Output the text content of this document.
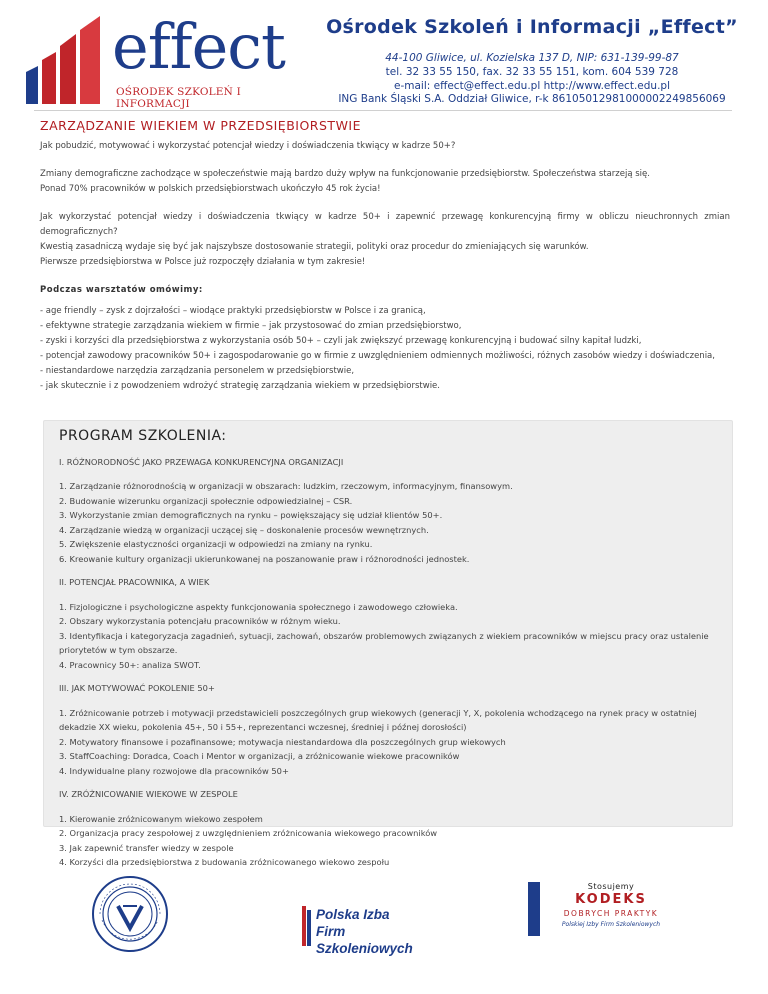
effect
OŚRODEK SZKOLEŃ I INFORMACJI
Ośrodek Szkoleń i Informacji „Effect”
44-100 Gliwice, ul. Kozielska 137 D, NIP: 631-139-99-87
tel. 32 33 55 150, fax. 32 33 55 151, kom. 604 539 728
e-mail: effect@effect.edu.pl http://www.effect.edu.pl
ING Bank Śląski S.A. Oddział Gliwice, r-k 86105012981000002249856069
ZARZĄDZANIE WIEKIEM W PRZEDSIĘBIORSTWIE

Jak pobudzić, motywować i wykorzystać potencjał wiedzy i doświadczenia tkwiący w kadrze 50+?

Zmiany demograficzne zachodzące w społeczeństwie mają bardzo duży wpływ na funkcjonowanie przedsiębiorstw. Społeczeństwa starzeją się.
Ponad 70% pracowników w polskich przedsiębiorstwach ukończyło 45 rok życia!

Jak wykorzystać potencjał wiedzy i doświadczenia tkwiący w kadrze 50+ i zapewnić przewagę konkurencyjną firmy w obliczu nieuchronnych zmian demograficznych?
Kwestią zasadniczą wydaje się być jak najszybsze dostosowanie strategii, polityki oraz procedur do zmieniających się warunków.
Pierwsze przedsiębiorstwa w Polsce już rozpoczęły działania w tym zakresie!

Podczas warsztatów omówimy:

- age friendly – zysk z dojrzałości – wiodące praktyki przedsiębiorstw w Polsce i za granicą,
- efektywne strategie zarządzania wiekiem w firmie – jak przystosować do zmian przedsiębiorstwo,
- zyski i korzyści dla przedsiębiorstwa z wykorzystania osób 50+ – czyli jak zwiększyć przewagę konkurencyjną i budować silny kapitał ludzki,
- potencjał zawodowy pracowników 50+ i zagospodarowanie go w firmie z uwzględnieniem odmiennych możliwości, różnych zasobów wiedzy i doświadczenia,
- niestandardowe narzędzia zarządzania personelem w przedsiębiorstwie,
- jak skutecznie i z powodzeniem wdrożyć strategię zarządzania wiekiem w przedsiębiorstwie.
PROGRAM SZKOLENIA:
I. RÓŻNORODNOŚĆ JAKO PRZEWAGA KONKURENCYJNA ORGANIZACJI
1. Zarządzanie różnorodnością w organizacji w obszarach: ludzkim, rzeczowym, informacyjnym, finansowym.
2. Budowanie wizerunku organizacji społecznie odpowiedzialnej – CSR.
3. Wykorzystanie zmian demograficznych na rynku – powiększający się udział klientów 50+.
4. Zarządzanie wiedzą w organizacji uczącej się – doskonalenie procesów wewnętrznych.
5. Zwiększenie elastyczności organizacji w odpowiedzi na zmiany na rynku.
6. Kreowanie kultury organizacji ukierunkowanej na poszanowanie praw i różnorodności jednostek.
II. POTENCJAŁ PRACOWNIKA, A WIEK
1. Fizjologiczne i psychologiczne aspekty funkcjonowania społecznego i zawodowego człowieka.
2. Obszary wykorzystania potencjału pracowników w różnym wieku.
3. Identyfikacja i kategoryzacja zagadnień, sytuacji, zachowań, obszarów problemowych związanych z wiekiem pracowników w miejscu pracy oraz ustalenie priorytetów w tym obszarze.
4. Pracownicy 50+: analiza SWOT.
III. JAK MOTYWOWAĆ POKOLENIE 50+
1. Zróżnicowanie potrzeb i motywacji przedstawicieli poszczególnych grup wiekowych (generacji Y, X, pokolenia wchodzącego na rynek pracy w ostatniej dekadzie XX wieku, pokolenia 45+, 50 i 55+, reprezentanci wczesnej, średniej i późnej dorosłości)
2. Motywatory finansowe i pozafinansowe; motywacja niestandardowa dla poszczególnych grup wiekowych
3. StaffCoaching: Doradca, Coach i Mentor w organizacji, a zróżnicowanie wiekowe pracowników
4. Indywidualne plany rozwojowe dla pracowników 50+
IV. ZRÓŻNICOWANIE WIEKOWE W ZESPOLE
1. Kierowanie zróżnicowanym wiekowo zespołem
2. Organizacja pracy zespołowej z uwzględnieniem zróżnicowania wiekowego pracowników
3. Jak zapewnić transfer wiedzy w zespole
4. Korzyści dla przedsiębiorstwa z budowania zróżnicowanego wiekowo zespołu
Polska Izba
Firm Szkoleniowych
Stosujemy
KODEKS
DOBRYCH PRAKTYK
Polskiej Izby Firm Szkoleniowych
